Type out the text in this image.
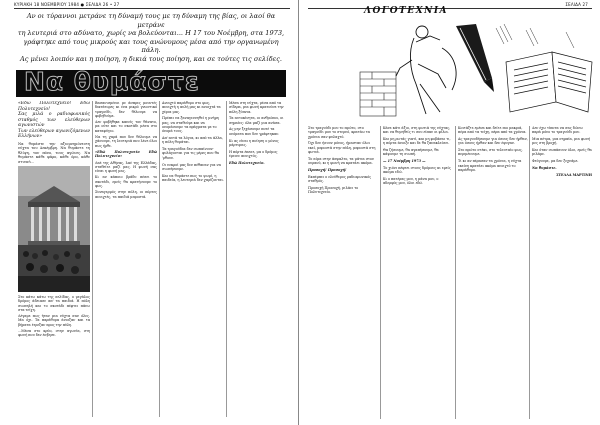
ΚΥΡΙΑΚΗ 18 ΝΟΕΜΒΡΙΟΥ 1984 ● ΣΕΛΙΔΑ 26 • 27
Αν οι τύραννοι μετράνε τη δύναμή τους με τη δύναμη της βίας, οι λαοί θα μετράνε
τη λευτεριά στο αδύνατο, χωρίς να βολεύονται... Η 17 του Νοέμβρη, στα 1973,
γράφτηκε από τους μικρούς και τους ανώνυμους μέσα από την οργανωμένη πάλη.
Ας μένει λοιπόν και η ποίηση, η δικιά τους ποίηση, και σε τούτες τις σελίδες.
Να θυμάστε
«Εδώ Πολυτεχνείο! Εδώ Πολυτεχνείο!
Σας μιλά ο ραδιοφωνικός σταθμός των ελεύθερων αγωνιστών
Των ελεύθερων αγωνιζόμενων Ελλήνων»

Να θυμάστε την αξιομνημόνευτη νύχτα του Δεκέμβρη. Να θυμάστε τη θλίψη, τον πόνο, τους αγώνες. Να θυμάστε κάθε φάρο, κάθε όρο, κάθε στιγμή...

Στο κάτω κάτω της σελίδας, ο μεγάλος δρόμος άδειασε απ' τα παιδιά. Η πόλη σιωπηλή και το σκοτάδι πέφτει πάνω στα τείχη.

Λέγαμε πως ήταν μια νύχτα σαν όλες. Μα όχι. Τα παράθυρα άνοιξαν και τα βήματα έτρεξαν προς την πύλη.

...Μέσα στο κρύο, στην αγωνία, στη φωνή που δεν έσβησε.

Βασανισμένοι με άσπρες μουντές δικτάτορες κι ένα μικρό γνωστικό τραγούδι, δεν θέλουμε να φοβηθούμε.

Δεν φοβήθηκε κανείς τον θάνατο, μα ούτε και το σκοτάδι μέσα στο καταφύγιο.

Να τη χαρά που δεν θέλουμε να χάσουμε, τη λευτεριά που λένε όλοι πως ήρθε.

«Εδώ Πολυτεχνείο Εδώ Πολυτεχνείο»

Λαέ της Αθήνας, λαέ της Ελλάδας, σταθείτε μαζί μας. Η φωνή σας είναι η φωνή μας.

Κι αν κάποιο βράδυ πέσει το σκοτάδι, εμείς θα κρατήσουμε το φως.

Συναγερμός στην πόλη, οι πόρτες ανοιχτές, τα παιδιά μπροστά.

Ανοιχτό παράθυρο στο φως, ανοιχτή η αυλή μας κι ανοιχτά τα χέρια μας.

Πρέπει να ξαναγεννηθεί η μνήμη μας, να σταθούμε και να ονομάσουμε τα πράγματα με το όνομά τους.

Απ' αυτά τα λόγια, κι από τα άλλα, η πόλη θυμάται.

Τα τραγούδια δεν σωπαίνουν· φυλάγονται για τις μέρες που θα 'ρθουν.

Οι νεκροί μας δεν πέθαναν για να σιωπήσουμε.

Και να θυμάστε πως το ψωμί, η παιδεία, η λευτεριά δεν χαρίζονται.

Μέσα στη νύχτα, μέσα από τα σίδερα, μια φωνή κρατούσε την πόλη ξύπνια.

Τα αυτοκίνητα, οι ανθρώποι, οι σημαίες: όλα μαζί μια ανάσα.

Ας μην ξεχάσουμε ποτέ τα ονόματα που δεν γράφτηκαν.

Κι ας είναι η ποίηση ο μόνος μάρτυρας.

Η πόρτα έπεσε, μα ο δρόμος έμεινε ανοιχτός.

Εδώ Πολυτεχνείο.

ΣΕΛΙΔΑ 27
ΛΟΓΟΤΕΧΝΙΑ

Στο τραγούδι μου το πρώτο, στο τραγούδι μου το στερνό, κρατάω τα χρόνια σαν φυλαχτό.

Όχι δεν ήσουν μόνος, ήμασταν όλοι εκεί, μπροστά στην πύλη, μπροστά στη φωτιά.

Το αίμα στην άσφαλτο, τα μάτια στον ουρανό, κι η φωνή να κρατάει ακόμα.

Προσοχή! Προσοχή!

Εκπέμπει ο ελεύθερος ραδιοφωνικός σταθμός.

Προσοχή Προσοχή, μιλάει το Πολυτεχνείο.

Κάνε κάτι άξιο, στη φωτιά της νύχτας, και να θυμηθείς τι σου είπαν οι φίλοι.

Και μη ρωτάς γιατί, και μη φοβάσαι τι, η πόρτα άνοιξε και δε θα ξανακλείσει.

Θα ζήσουμε, θα αγαπήσουμε, θα κάψουμε τη σιωπή.

— 17 Νοέμβρη 1973 —

Το χιόνι πέφτει στους δρόμους κι εμείς ακόμα εδώ.

Κι ο πατέρας μου, η μάνα μου, ο αδερφός μου, όλοι εδώ.

Κοιτάξτε εμένα και δείτε πιο μακριά, πέρα από τα τείχη, πέρα από τα χρόνια.

Ας τραγουδήσουμε για όσους δεν ήρθαν, για όσους ήρθαν και δεν έφυγαν.

Στο πρώτο στέκι, στο τελευταίο φως, περιμένουμε.

Τι κι αν πέρασαν τα χρόνια, η νύχτα εκείνη κρατάει ακόμα ανοιχτό το παράθυρο.

Δεν έχω τίποτα να σας δώσω παρά μόνο το τραγούδι μου.

Μια πέτρα, μια σημαία, μια φωνή μες στη βροχή.

Και όταν σωπάσουν όλοι, εμείς θα μιλάμε.

Φεύγουμε, μα δεν ξεχνάμε.

Να θυμάστε.

ΣΤΕΛΛΑ ΜΑΡΤΙΝΗ
